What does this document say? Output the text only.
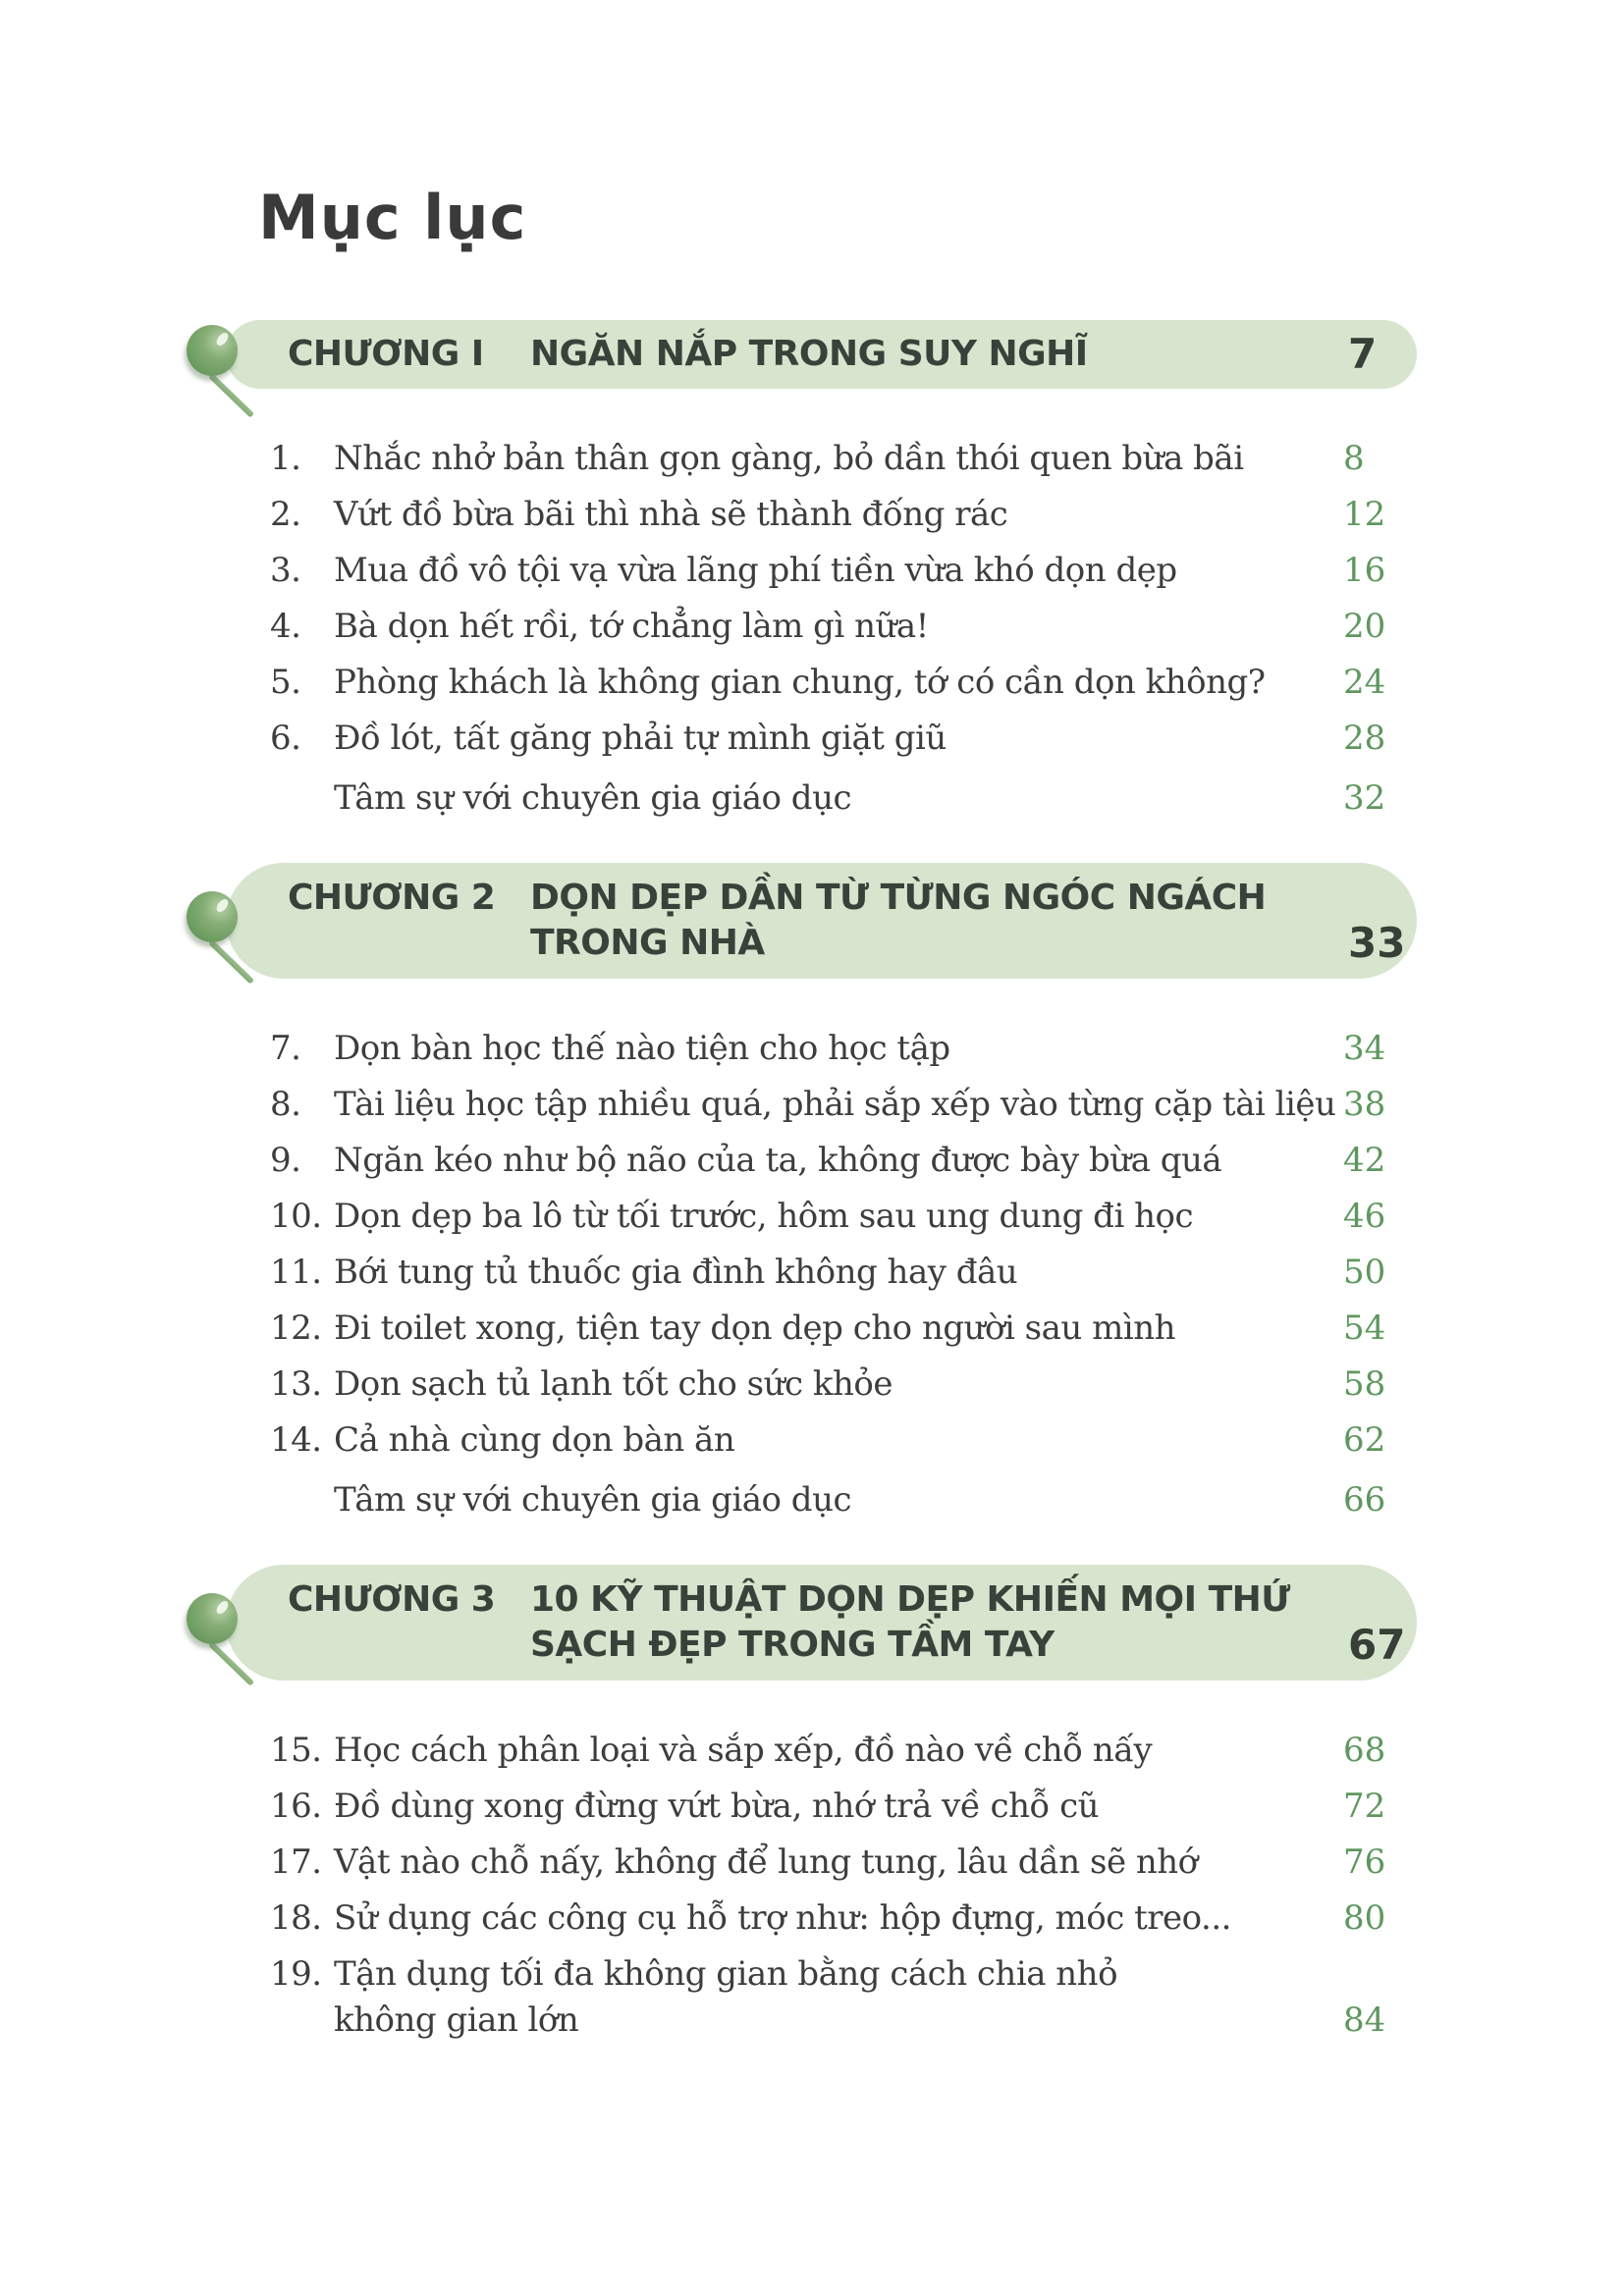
Mục lục
CHƯƠNG I	NGĂN NẮP TRONG SUY NGHĨ	7
1. Nhắc nhở bản thân gọn gàng, bỏ dần thói quen bừa bãi	8
2. Vứt đồ bừa bãi thì nhà sẽ thành đống rác	12
3. Mua đồ vô tội vạ vừa lãng phí tiền vừa khó dọn dẹp	16
4. Bà dọn hết rồi, tớ chẳng làm gì nữa!	20
5. Phòng khách là không gian chung, tớ có cần dọn không?	24
6. Đồ lót, tất găng phải tự mình giặt giũ	28
Tâm sự với chuyên gia giáo dục	32
CHƯƠNG 2 DỌN DẸP DẦN TỪ TỪNG NGÓC NGÁCH
TRONG NHÀ	33
7. Dọn bàn học thế nào tiện cho học tập	34
8. Tài liệu học tập nhiều quá, phải sắp xếp vào từng cặp tài liệu 38
9. Ngăn kéo như bộ não của ta, không được bày bừa quá	42
10. Dọn dẹp ba lô từ tối trước, hôm sau ung dung đi học	46
11. Bới tung tủ thuốc gia đình không hay đâu	50
12. Đi toilet xong, tiện tay dọn dẹp cho người sau mình	54
13. Dọn sạch tủ lạnh tốt cho sức khỏe	58
14. Cả nhà cùng dọn bàn ăn	62
Tâm sự với chuyên gia giáo dục	66
CHƯƠNG 3 10 KỸ THUẬT DỌN DẸP KHIẾN MỌI THỨ
SẠCH ĐẸP TRONG TẦM TAY	67
15. Học cách phân loại và sắp xếp, đồ nào về chỗ nấy	68
16. Đồ dùng xong đừng vứt bừa, nhớ trả về chỗ cũ	72
17. Vật nào chỗ nấy, không để lung tung, lâu dần sẽ nhớ	76
18. Sử dụng các công cụ hỗ trợ như: hộp đựng, móc treo...	80
19. Tận dụng tối đa không gian bằng cách chia nhỏ
không gian lớn	84
